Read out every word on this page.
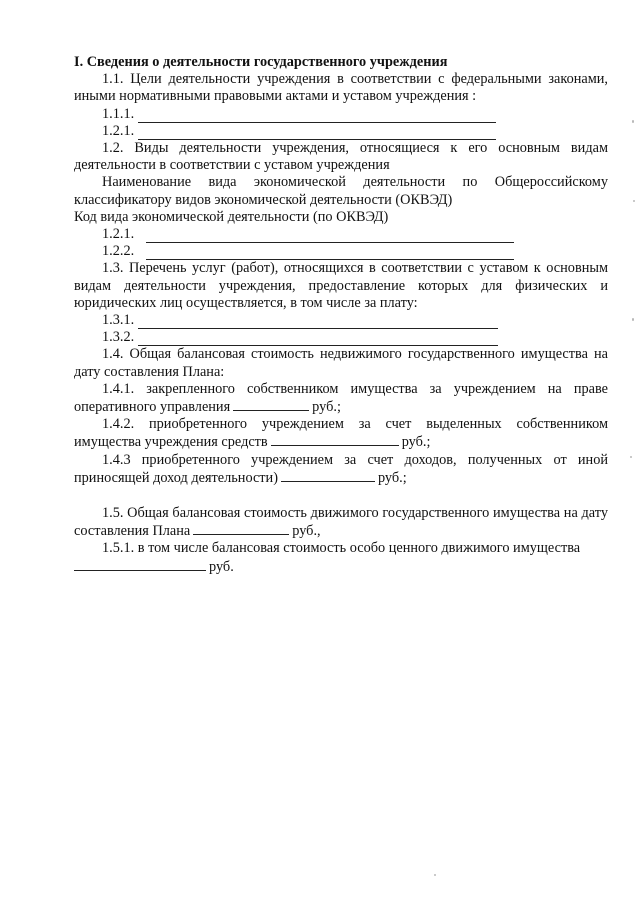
I. Сведения о деятельности государственного учреждения

1.1. Цели деятельности учреждения в соответствии с федеральными законами, иными нормативными правовыми актами и уставом учреждения :

1.1.1.
1.2.1.

1.2. Виды деятельности учреждения, относящиеся к его основным видам деятельности в соответствии с уставом учреждения

Наименование вида экономической деятельности по Общероссийскому классификатору видов экономической деятельности (ОКВЭД)

Код вида экономической деятельности (по ОКВЭД)

1.2.1.
1.2.2.

1.3. Перечень услуг (работ), относящихся в соответствии с уставом к основным видам деятельности учреждения, предоставление которых для физических и юридических лиц осуществляется, в том числе за плату:

1.3.1.
1.3.2.

1.4. Общая балансовая стоимость недвижимого государственного имущества на дату составления Плана:

1.4.1. закрепленного собственником имущества за учреждением на праве оперативного управления	руб.;

1.4.2. приобретенного учреждением за счет выделенных собственником имущества учреждения средств	руб.;

1.4.3 приобретенного учреждением за счет доходов, полученных от иной приносящей доход деятельности)	руб.;

1.5. Общая балансовая стоимость движимого государственного имущества на дату составления Плана	руб.,

1.5.1. в том числе балансовая стоимость особо ценного движимого имущества

руб.
